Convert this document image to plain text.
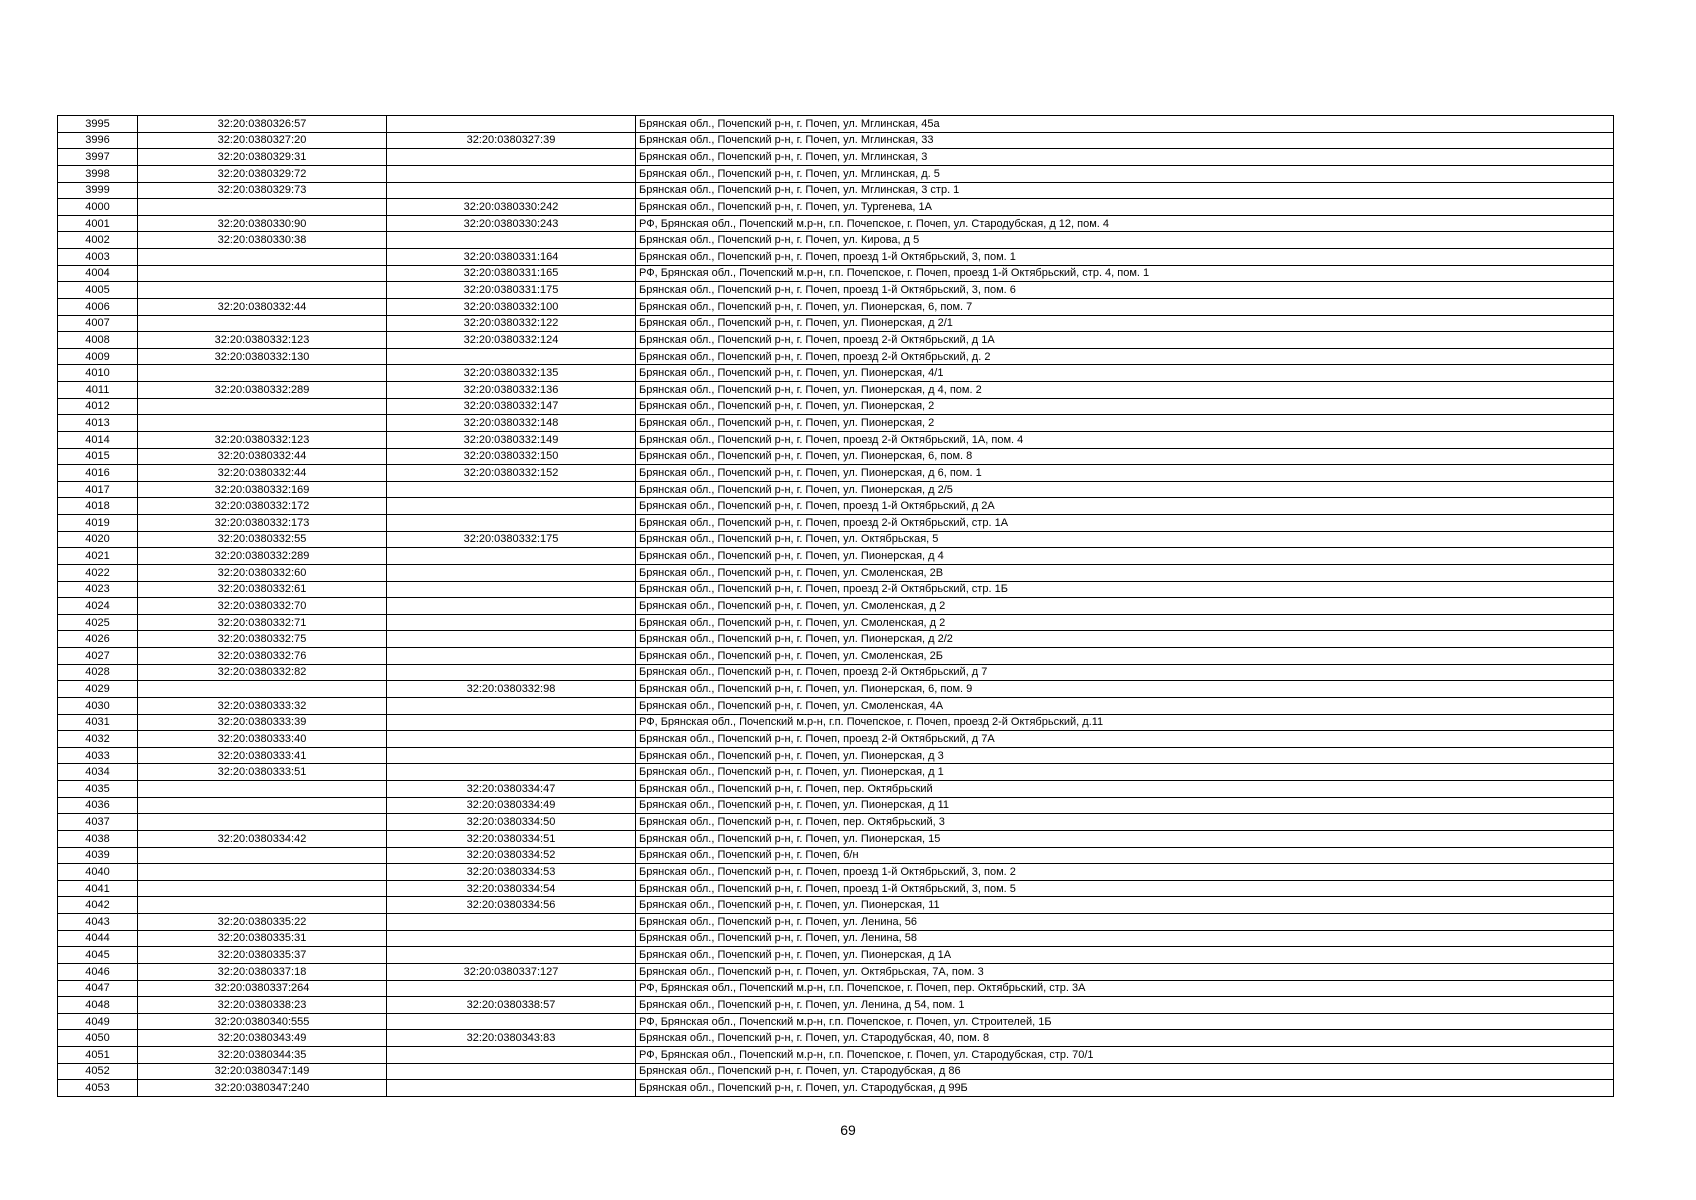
3995	32:20:0380326:57		Брянская обл., Почепский р-н, г. Почеп, ул. Мглинская, 45а
3996	32:20:0380327:20	32:20:0380327:39	Брянская обл., Почепский р-н, г. Почеп, ул. Мглинская, 33
3997	32:20:0380329:31		Брянская обл., Почепский р-н, г. Почеп, ул. Мглинская, 3
3998	32:20:0380329:72		Брянская обл., Почепский р-н, г. Почеп, ул. Мглинская, д. 5
3999	32:20:0380329:73		Брянская обл., Почепский р-н, г. Почеп, ул. Мглинская, 3 стр. 1
4000		32:20:0380330:242	Брянская обл., Почепский р-н, г. Почеп, ул. Тургенева, 1А
4001	32:20:0380330:90	32:20:0380330:243	РФ, Брянская обл., Почепский м.р-н, г.п. Почепское, г. Почеп, ул. Стародубская, д 12, пом. 4
4002	32:20:0380330:38		Брянская обл., Почепский р-н, г. Почеп, ул. Кирова, д 5
4003		32:20:0380331:164	Брянская обл., Почепский р-н, г. Почеп, проезд 1-й Октябрьский, 3, пом. 1
4004		32:20:0380331:165	РФ, Брянская обл., Почепский м.р-н, г.п. Почепское, г. Почеп, проезд 1-й Октябрьский, стр. 4, пом. 1
4005		32:20:0380331:175	Брянская обл., Почепский р-н, г. Почеп, проезд 1-й Октябрьский, 3, пом. 6
4006	32:20:0380332:44	32:20:0380332:100	Брянская обл., Почепский р-н, г. Почеп, ул. Пионерская, 6, пом. 7
4007		32:20:0380332:122	Брянская обл., Почепский р-н, г. Почеп, ул. Пионерская, д 2/1
4008	32:20:0380332:123	32:20:0380332:124	Брянская обл., Почепский р-н, г. Почеп, проезд 2-й Октябрьский, д 1А
4009	32:20:0380332:130		Брянская обл., Почепский р-н, г. Почеп, проезд 2-й Октябрьский, д. 2
4010		32:20:0380332:135	Брянская обл., Почепский р-н, г. Почеп, ул. Пионерская, 4/1
4011	32:20:0380332:289	32:20:0380332:136	Брянская обл., Почепский р-н, г. Почеп, ул. Пионерская, д 4, пом. 2
4012		32:20:0380332:147	Брянская обл., Почепский р-н, г. Почеп, ул. Пионерская, 2
4013		32:20:0380332:148	Брянская обл., Почепский р-н, г. Почеп, ул. Пионерская, 2
4014	32:20:0380332:123	32:20:0380332:149	Брянская обл., Почепский р-н, г. Почеп, проезд 2-й Октябрьский, 1А, пом. 4
4015	32:20:0380332:44	32:20:0380332:150	Брянская обл., Почепский р-н, г. Почеп, ул. Пионерская, 6, пом. 8
4016	32:20:0380332:44	32:20:0380332:152	Брянская обл., Почепский р-н, г. Почеп, ул. Пионерская, д 6, пом. 1
4017	32:20:0380332:169		Брянская обл., Почепский р-н, г. Почеп, ул. Пионерская, д 2/5
4018	32:20:0380332:172		Брянская обл., Почепский р-н, г. Почеп, проезд 1-й Октябрьский, д 2А
4019	32:20:0380332:173		Брянская обл., Почепский р-н, г. Почеп, проезд 2-й Октябрьский, стр. 1А
4020	32:20:0380332:55	32:20:0380332:175	Брянская обл., Почепский р-н, г. Почеп, ул. Октябрьская, 5
4021	32:20:0380332:289		Брянская обл., Почепский р-н, г. Почеп, ул. Пионерская, д 4
4022	32:20:0380332:60		Брянская обл., Почепский р-н, г. Почеп, ул. Смоленская, 2В
4023	32:20:0380332:61		Брянская обл., Почепский р-н, г. Почеп, проезд 2-й Октябрьский, стр. 1Б
4024	32:20:0380332:70		Брянская обл., Почепский р-н, г. Почеп, ул. Смоленская, д 2
4025	32:20:0380332:71		Брянская обл., Почепский р-н, г. Почеп, ул. Смоленская, д 2
4026	32:20:0380332:75		Брянская обл., Почепский р-н, г. Почеп, ул. Пионерская, д 2/2
4027	32:20:0380332:76		Брянская обл., Почепский р-н, г. Почеп, ул. Смоленская, 2Б
4028	32:20:0380332:82		Брянская обл., Почепский р-н, г. Почеп, проезд 2-й Октябрьский, д 7
4029		32:20:0380332:98	Брянская обл., Почепский р-н, г. Почеп, ул. Пионерская, 6, пом. 9
4030	32:20:0380333:32		Брянская обл., Почепский р-н, г. Почеп, ул. Смоленская, 4А
4031	32:20:0380333:39		РФ, Брянская обл., Почепский м.р-н, г.п. Почепское, г. Почеп, проезд 2-й Октябрьский, д.11
4032	32:20:0380333:40		Брянская обл., Почепский р-н, г. Почеп, проезд 2-й Октябрьский, д 7А
4033	32:20:0380333:41		Брянская обл., Почепский р-н, г. Почеп, ул. Пионерская, д 3
4034	32:20:0380333:51		Брянская обл., Почепский р-н, г. Почеп, ул. Пионерская, д 1
4035		32:20:0380334:47	Брянская обл., Почепский р-н, г. Почеп, пер. Октябрьский
4036		32:20:0380334:49	Брянская обл., Почепский р-н, г. Почеп, ул. Пионерская, д 11
4037		32:20:0380334:50	Брянская обл., Почепский р-н, г. Почеп, пер. Октябрьский, 3
4038	32:20:0380334:42	32:20:0380334:51	Брянская обл., Почепский р-н, г. Почеп, ул. Пионерская, 15
4039		32:20:0380334:52	Брянская обл., Почепский р-н, г. Почеп, б/н
4040		32:20:0380334:53	Брянская обл., Почепский р-н, г. Почеп, проезд 1-й Октябрьский, 3, пом. 2
4041		32:20:0380334:54	Брянская обл., Почепский р-н, г. Почеп, проезд 1-й Октябрьский, 3, пом. 5
4042		32:20:0380334:56	Брянская обл., Почепский р-н, г. Почеп, ул. Пионерская, 11
4043	32:20:0380335:22		Брянская обл., Почепский р-н, г. Почеп, ул. Ленина, 56
4044	32:20:0380335:31		Брянская обл., Почепский р-н, г. Почеп, ул. Ленина, 58
4045	32:20:0380335:37		Брянская обл., Почепский р-н, г. Почеп, ул. Пионерская, д 1А
4046	32:20:0380337:18	32:20:0380337:127	Брянская обл., Почепский р-н, г. Почеп, ул. Октябрьская, 7А, пом. 3
4047	32:20:0380337:264		РФ, Брянская обл., Почепский м.р-н, г.п. Почепское, г. Почеп, пер. Октябрьский, стр. 3А
4048	32:20:0380338:23	32:20:0380338:57	Брянская обл., Почепский р-н, г. Почеп, ул. Ленина, д 54, пом. 1
4049	32:20:0380340:555		РФ, Брянская обл., Почепский м.р-н, г.п. Почепское, г. Почеп, ул. Строителей, 1Б
4050	32:20:0380343:49	32:20:0380343:83	Брянская обл., Почепский р-н, г. Почеп, ул. Стародубская, 40, пом. 8
4051	32:20:0380344:35		РФ, Брянская обл., Почепский м.р-н, г.п. Почепское, г. Почеп, ул. Стародубская, стр. 70/1
4052	32:20:0380347:149		Брянская обл., Почепский р-н, г. Почеп, ул. Стародубская, д 86
4053	32:20:0380347:240		Брянская обл., Почепский р-н, г. Почеп, ул. Стародубская, д 99Б
69
